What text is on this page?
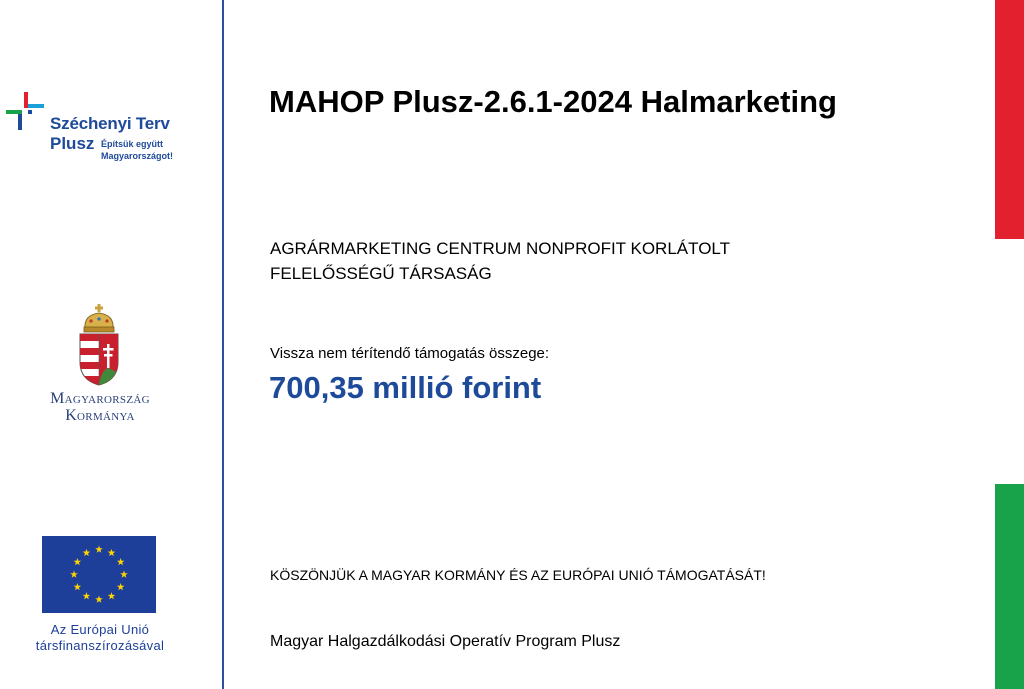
Széchenyi Terv
Plusz Építsük együtt
Magyarországot!
Magyarország
Kormánya
Az Európai Unió
társfinanszírozásával
MAHOP Plusz-2.6.1-2024 Halmarketing
AGRÁRMARKETING CENTRUM NONPROFIT KORLÁTOLT
FELELŐSSÉGŰ TÁRSASÁG
Vissza nem térítendő támogatás összege:
700,35 millió forint
KÖSZÖNJÜK A MAGYAR KORMÁNY ÉS AZ EURÓPAI UNIÓ TÁMOGATÁSÁT!
Magyar Halgazdálkodási Operatív Program Plusz
